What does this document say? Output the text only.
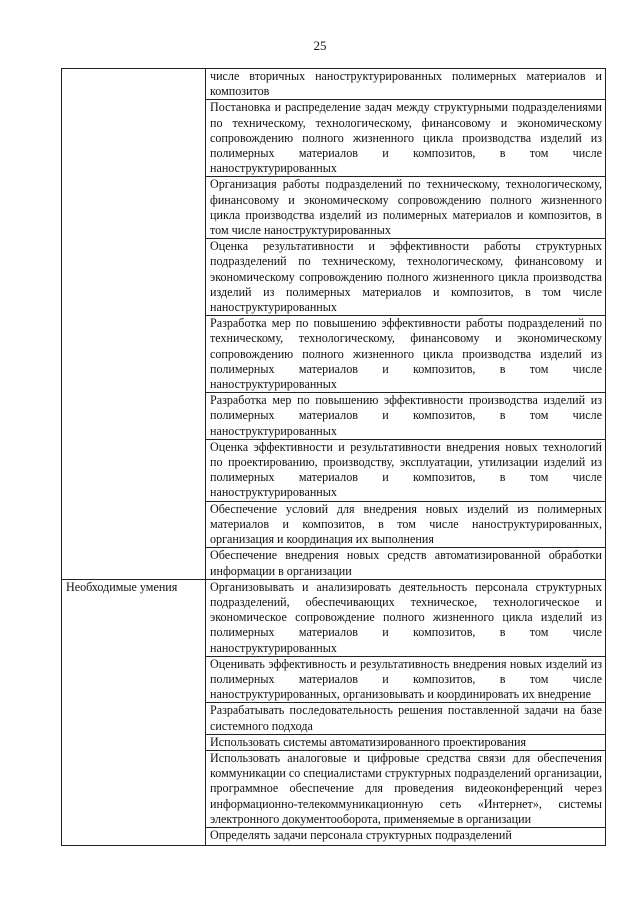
25
	числе вторичных наноструктурированных полимерных материалов и композитов
	Постановка и распределение задач между структурными подразделениями по техническому, технологическому, финансовому и экономическому сопровождению полного жизненного цикла производства изделий из полимерных материалов и композитов, в том числе наноструктурированных
	Организация работы подразделений по техническому, технологическому, финансовому и экономическому сопровождению полного жизненного цикла производства изделий из полимерных материалов и композитов, в том числе наноструктурированных
	Оценка результативности и эффективности работы структурных подразделений по техническому, технологическому, финансовому и экономическому сопровождению полного жизненного цикла производства изделий из полимерных материалов и композитов, в том числе наноструктурированных
	Разработка мер по повышению эффективности работы подразделений по техническому, технологическому, финансовому и экономическому сопровождению полного жизненного цикла производства изделий из полимерных материалов и композитов, в том числе наноструктурированных
	Разработка мер по повышению эффективности производства изделий из полимерных материалов и композитов, в том числе наноструктурированных
	Оценка эффективности и результативности внедрения новых технологий по проектированию, производству, эксплуатации, утилизации изделий из полимерных материалов и композитов, в том числе наноструктурированных
	Обеспечение условий для внедрения новых изделий из полимерных материалов и композитов, в том числе наноструктурированных, организация и координация их выполнения
	Обеспечение внедрения новых средств автоматизированной обработки информации в организации

Необходимые умения	Организовывать и анализировать деятельность персонала структурных подразделений, обеспечивающих техническое, технологическое и экономическое сопровождение полного жизненного цикла изделий из полимерных материалов и композитов, в том числе наноструктурированных
	Оценивать эффективность и результативность внедрения новых изделий из полимерных материалов и композитов, в том числе наноструктурированных, организовывать и координировать их внедрение
	Разрабатывать последовательность решения поставленной задачи на базе системного подхода
	Использовать системы автоматизированного проектирования
	Использовать аналоговые и цифровые средства связи для обеспечения коммуникации со специалистами структурных подразделений организации, программное обеспечение для проведения видеоконференций через информационно-телекоммуникационную сеть «Интернет», системы электронного документооборота, применяемые в организации
	Определять задачи персонала структурных подразделений
